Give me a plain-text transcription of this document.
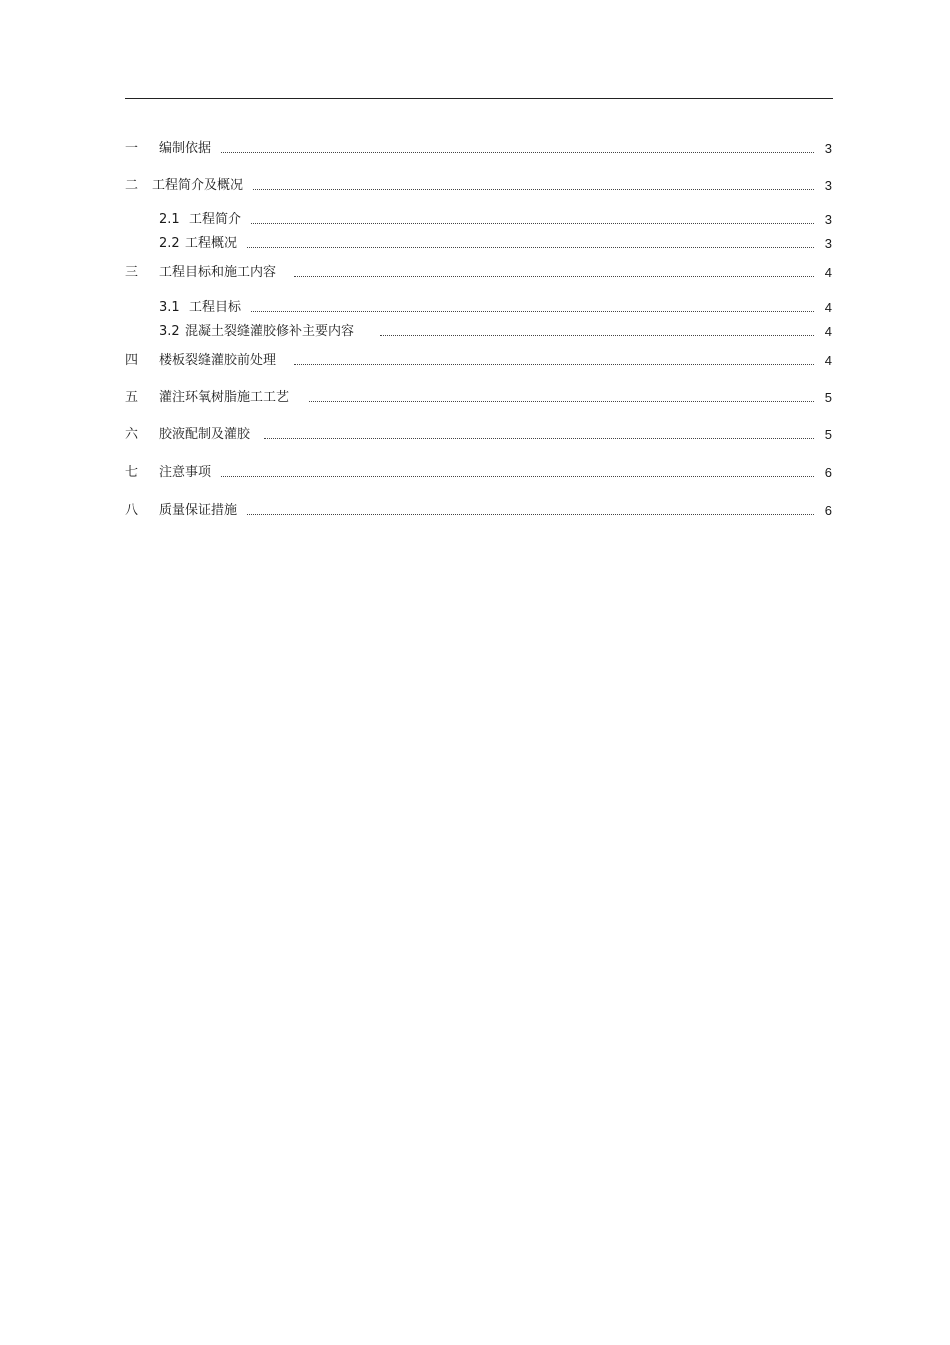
一	编制依据	3
二	工程简介及概况	3
2.1 工程简介	3
2.2 工程概况	3
三	工程目标和施工内容	4
3.1 工程目标	4
3.2 混凝土裂缝灌胶修补主要内容	4
四	楼板裂缝灌胶前处理	4
五	灌注环氧树脂施工工艺	5
六	胶液配制及灌胶	5
七	注意事项	6
八	质量保证措施	6
